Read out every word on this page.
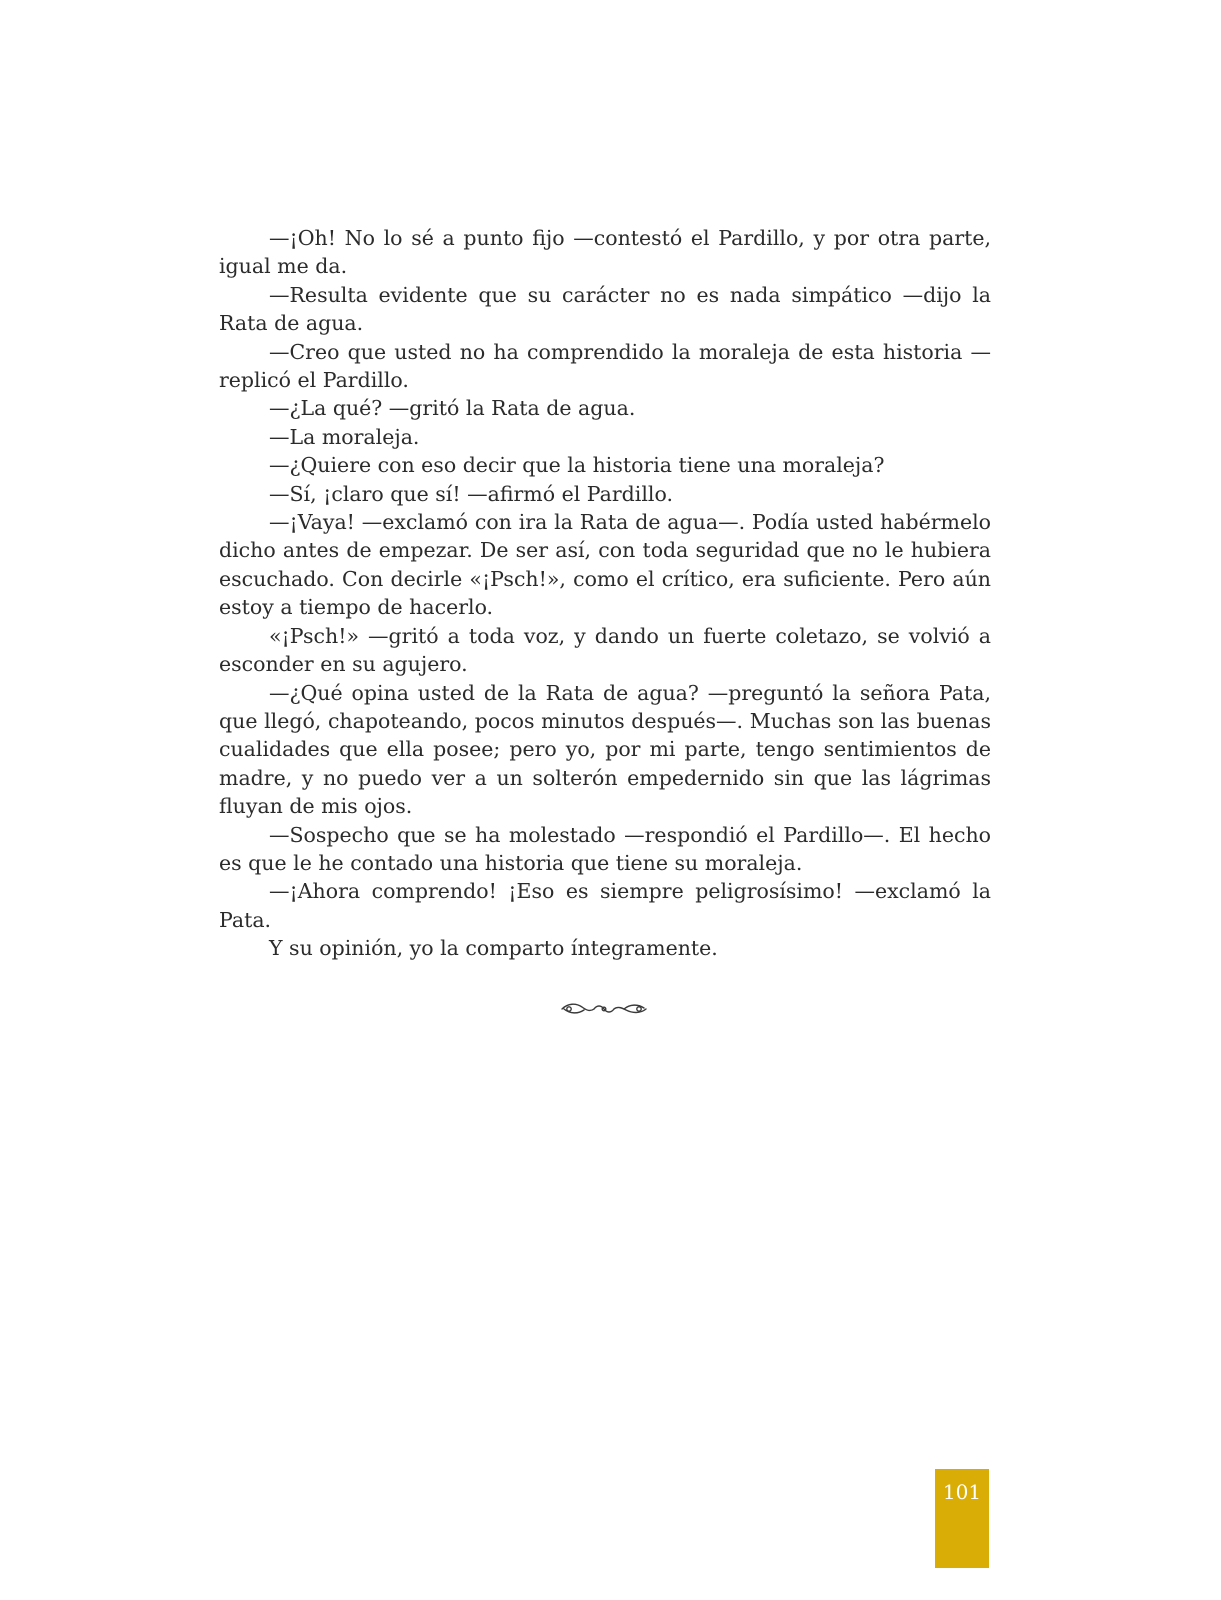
—¡Oh! No lo sé a punto fijo —contestó el Pardillo, y por otra parte, igual me da.

—Resulta evidente que su carácter no es nada simpático —dijo la Rata de agua.

—Creo que usted no ha comprendido la moraleja de esta historia —replicó el Pardillo.

—¿La qué? —gritó la Rata de agua.

—La moraleja.

—¿Quiere con eso decir que la historia tiene una moraleja?

—Sí, ¡claro que sí! —afirmó el Pardillo.

—¡Vaya! —exclamó con ira la Rata de agua—. Podía usted habérmelo dicho antes de empezar. De ser así, con toda seguridad que no le hubiera escuchado. Con decirle «¡Psch!», como el crítico, era suficiente. Pero aún estoy a tiempo de hacerlo.

«¡Psch!» —gritó a toda voz, y dando un fuerte coletazo, se volvió a esconder en su agujero.

—¿Qué opina usted de la Rata de agua? —preguntó la señora Pata, que llegó, chapoteando, pocos minutos después—. Muchas son las buenas cualidades que ella posee; pero yo, por mi parte, tengo sentimientos de madre, y no puedo ver a un solterón empedernido sin que las lágrimas fluyan de mis ojos.

—Sospecho que se ha molestado —respondió el Pardillo—. El hecho es que le he contado una historia que tiene su moraleja.

—¡Ahora comprendo! ¡Eso es siempre peligrosísimo! —exclamó la Pata.

Y su opinión, yo la comparto íntegramente.

101
